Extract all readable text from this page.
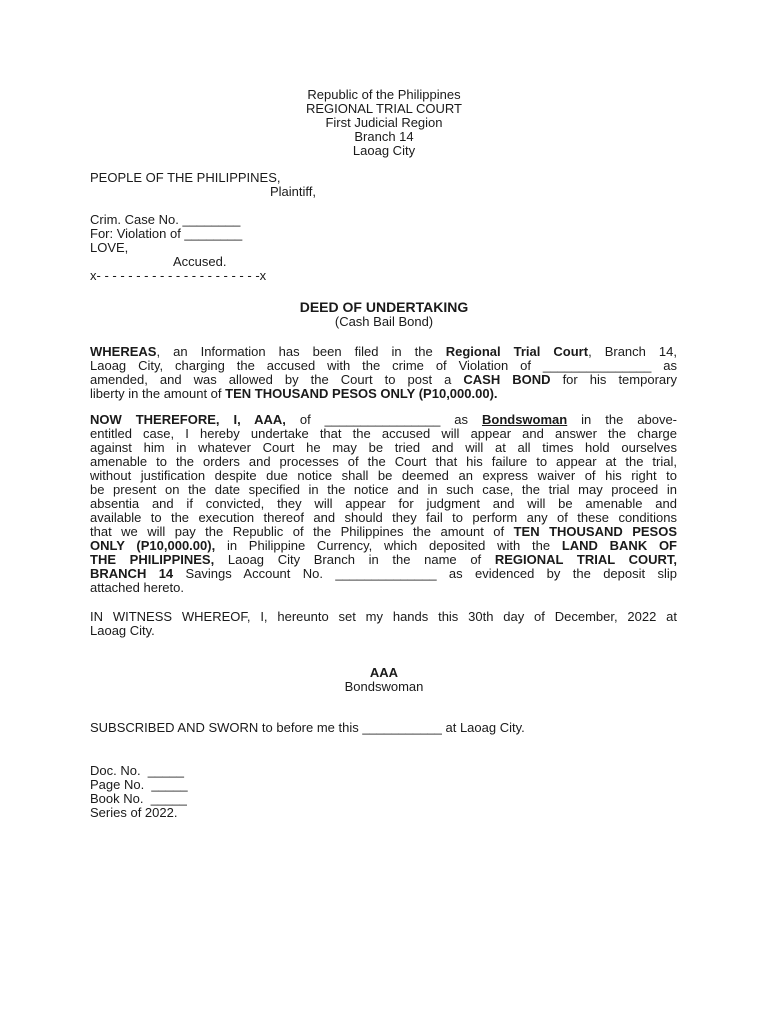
Republic of the Philippines
REGIONAL TRIAL COURT
First Judicial Region
Branch 14
Laoag City
PEOPLE OF THE PHILIPPINES,
Plaintiff,
Crim. Case No. ________
For: Violation of ________
LOVE,
Accused.
x- - - - - - - - - - - - - - - - - - - - -x
DEED OF UNDERTAKING
(Cash Bail Bond)
WHEREAS, an Information has been filed in the Regional Trial Court, Branch 14,
Laoag City, charging the accused with the crime of Violation of _______________ as
amended, and was allowed by the Court to post a CASH BOND for his temporary
liberty in the amount of TEN THOUSAND PESOS ONLY (P10,000.00).
NOW THEREFORE, I, AAA, of ________________ as Bondswoman in the above-
entitled case, I hereby undertake that the accused will appear and answer the charge
against him in whatever Court he may be tried and will at all times hold ourselves
amenable to the orders and processes of the Court that his failure to appear at the trial,
without justification despite due notice shall be deemed an express waiver of his right to
be present on the date specified in the notice and in such case, the trial may proceed in
absentia and if convicted, they will appear for judgment and will be amenable and
available to the execution thereof and should they fail to perform any of these conditions
that we will pay the Republic of the Philippines the amount of TEN THOUSAND PESOS
ONLY (P10,000.00), in Philippine Currency, which deposited with the LAND BANK OF
THE PHILIPPINES, Laoag City Branch in the name of REGIONAL TRIAL COURT,
BRANCH 14 Savings Account No. ______________ as evidenced by the deposit slip
attached hereto.
IN WITNESS WHEREOF, I, hereunto set my hands this 30th day of December, 2022 at
Laoag City.
AAA
Bondswoman
SUBSCRIBED AND SWORN to before me this ___________ at Laoag City.
Doc. No.  _____
Page No.  _____
Book No.  _____
Series of 2022.
